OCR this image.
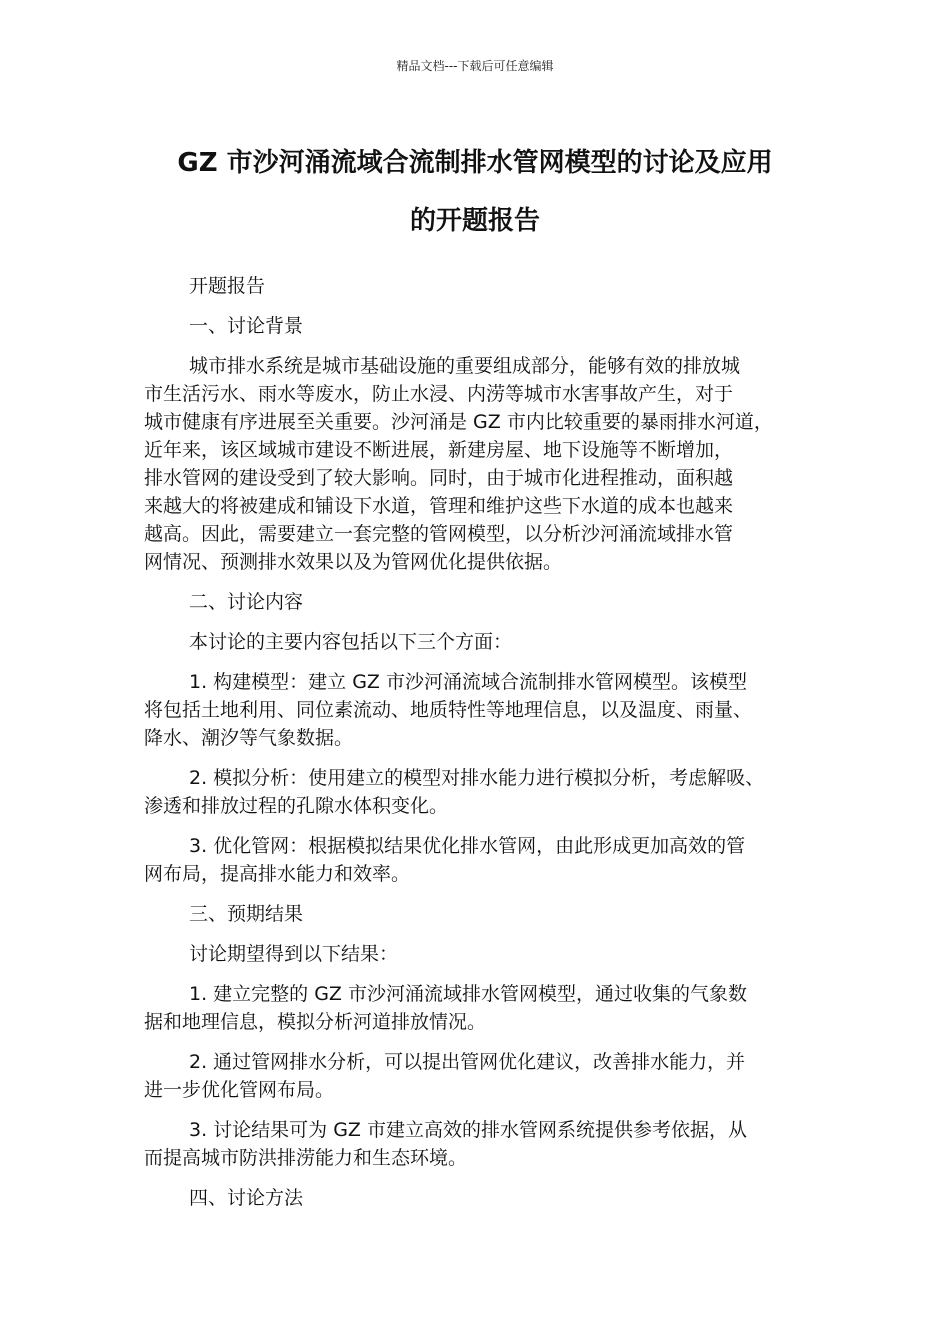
精品文档---下载后可任意编辑
GZ 市沙河涌流域合流制排水管网模型的讨论及应用
的开题报告

开题报告

一、讨论背景

城市排水系统是城市基础设施的重要组成部分，能够有效的排放城
市生活污水、雨水等废水，防止水浸、内涝等城市水害事故产生，对于
城市健康有序进展至关重要。沙河涌是 GZ 市内比较重要的暴雨排水河道，
近年来，该区域城市建设不断进展，新建房屋、地下设施等不断增加，
排水管网的建设受到了较大影响。同时，由于城市化进程推动，面积越
来越大的将被建成和铺设下水道，管理和维护这些下水道的成本也越来
越高。因此，需要建立一套完整的管网模型，以分析沙河涌流域排水管
网情况、预测排水效果以及为管网优化提供依据。

二、讨论内容

本讨论的主要内容包括以下三个方面：

1. 构建模型：建立 GZ 市沙河涌流域合流制排水管网模型。该模型
将包括土地利用、同位素流动、地质特性等地理信息，以及温度、雨量、
降水、潮汐等气象数据。

2. 模拟分析：使用建立的模型对排水能力进行模拟分析，考虑解吸、
渗透和排放过程的孔隙水体积变化。

3. 优化管网：根据模拟结果优化排水管网，由此形成更加高效的管
网布局，提高排水能力和效率。

三、预期结果

讨论期望得到以下结果：

1. 建立完整的 GZ 市沙河涌流域排水管网模型，通过收集的气象数
据和地理信息，模拟分析河道排放情况。

2. 通过管网排水分析，可以提出管网优化建议，改善排水能力，并
进一步优化管网布局。

3. 讨论结果可为 GZ 市建立高效的排水管网系统提供参考依据，从
而提高城市防洪排涝能力和生态环境。

四、讨论方法
